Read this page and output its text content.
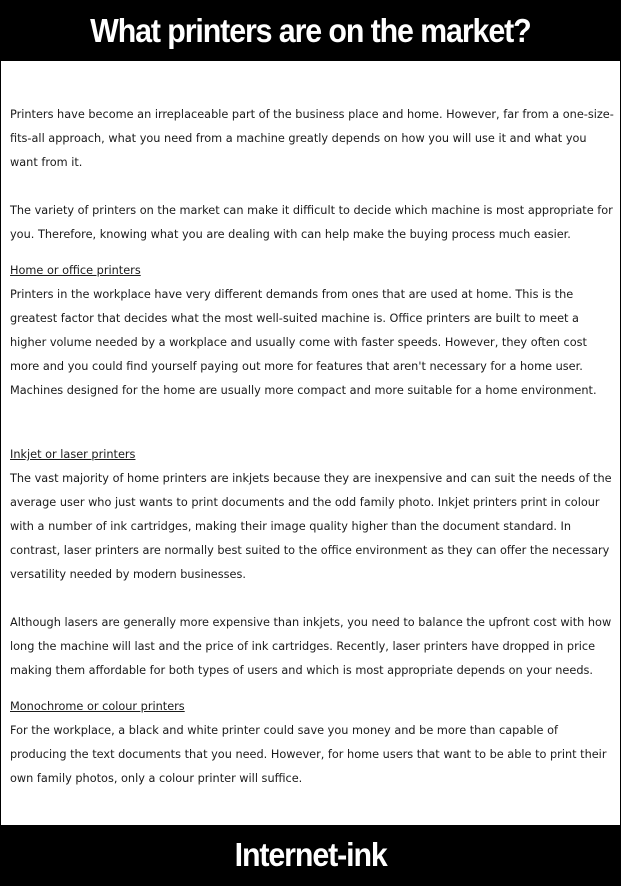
What printers are on the market?

Printers have become an irreplaceable part of the business place and home. However, far from a one-size-fits-all approach, what you need from a machine greatly depends on how you will use it and what you want from it.

The variety of printers on the market can make it difficult to decide which machine is most appropriate for you. Therefore, knowing what you are dealing with can help make the buying process much easier.

Home or office printers

Printers in the workplace have very different demands from ones that are used at home. This is the greatest factor that decides what the most well-suited machine is. Office printers are built to meet a higher volume needed by a workplace and usually come with faster speeds. However, they often cost more and you could find yourself paying out more for features that aren't necessary for a home user. Machines designed for the home are usually more compact and more suitable for a home environment.

Inkjet or laser printers

The vast majority of home printers are inkjets because they are inexpensive and can suit the needs of the average user who just wants to print documents and the odd family photo. Inkjet printers print in colour with a number of ink cartridges, making their image quality higher than the document standard. In contrast, laser printers are normally best suited to the office environment as they can offer the necessary versatility needed by modern businesses.

Although lasers are generally more expensive than inkjets, you need to balance the upfront cost with how long the machine will last and the price of ink cartridges. Recently, laser printers have dropped in price making them affordable for both types of users and which is most appropriate depends on your needs.

Monochrome or colour printers

For the workplace, a black and white printer could save you money and be more than capable of producing the text documents that you need. However, for home users that want to be able to print their own family photos, only a colour printer will suffice.

Internet-ink
